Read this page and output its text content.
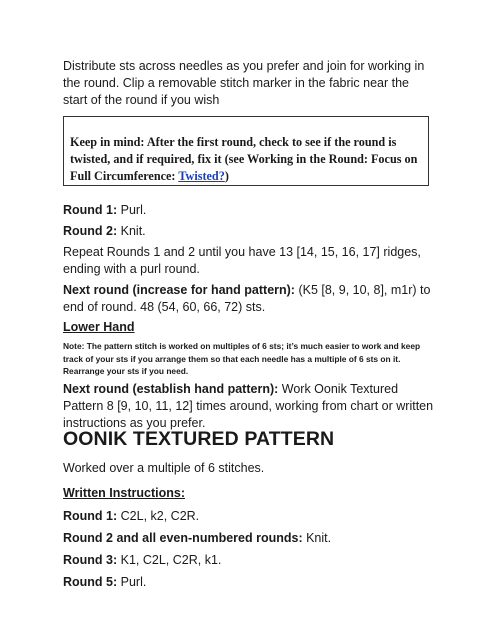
Distribute sts across needles as you prefer and join for working in the round. Clip a removable stitch marker in the fabric near the start of the round if you wish

Keep in mind: After the first round, check to see if the round is twisted, and if required, fix it (see Working in the Round: Focus on Full Circumference: Twisted?)

Round 1: Purl.

Round 2: Knit.

Repeat Rounds 1 and 2 until you have 13 [14, 15, 16, 17] ridges, ending with a purl round.

Next round (increase for hand pattern): (K5 [8, 9, 10, 8], m1r) to end of round. 48 (54, 60, 66, 72) sts.

Lower Hand

Note: The pattern stitch is worked on multiples of 6 sts; it’s much easier to work and keep track of your sts if you arrange them so that each needle has a multiple of 6 sts on it. Rearrange your sts if you need.

Next round (establish hand pattern): Work Oonik Textured Pattern 8 [9, 10, 11, 12] times around, working from chart or written instructions as you prefer.

OONIK TEXTURED PATTERN

Worked over a multiple of 6 stitches.

Written Instructions:

Round 1: C2L, k2, C2R.

Round 2 and all even-numbered rounds: Knit.

Round 3: K1, C2L, C2R, k1.

Round 5: Purl.
